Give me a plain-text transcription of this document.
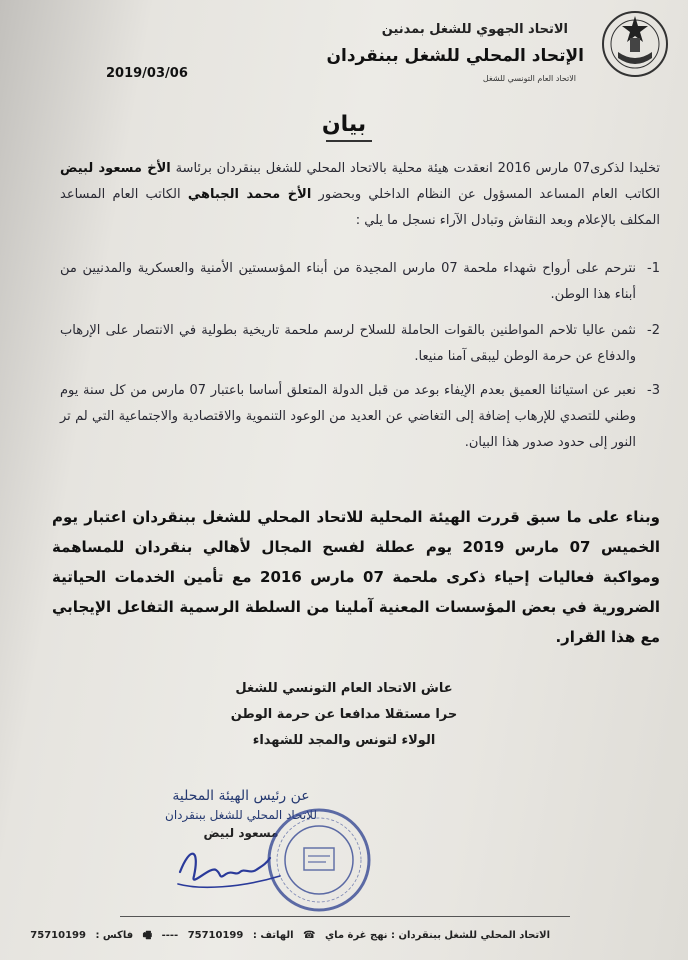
الاتحاد الجهوي للشغل بمدنين
الإتحاد المحلي للشغل ببنقردان
الاتحاد العام التونسي للشغل
2019/03/06
بيان
تخليدا لذكرى07 مارس 2016 انعقدت هيئة محلية بالاتحاد المحلي للشغل ببنقردان برئاسة الأخ مسعود لبيض الكاتب العام المساعد المسؤول عن النظام الداخلي وبحضور الأخ محمد الجباهي الكاتب العام المساعد المكلف بالإعلام وبعد النقاش وتبادل الآراء نسجل ما يلي :
1-
نترحم على أرواح شهداء ملحمة 07 مارس المجيدة من أبناء المؤسستين الأمنية والعسكرية والمدنيين من أبناء هذا الوطن.
2-
نثمن عاليا تلاحم المواطنين بالقوات الحاملة للسلاح لرسم ملحمة تاريخية بطولية في الانتصار على الإرهاب والدفاع عن حرمة الوطن ليبقى آمنا منيعا.
3-
نعبر عن استيائنا العميق بعدم الإيفاء بوعد من قبل الدولة المتعلق أساسا باعتبار 07 مارس من كل سنة يوم وطني للتصدي للإرهاب إضافة إلى التغاضي عن العديد من الوعود التنموية والاقتصادية والاجتماعية التي لم تر النور إلى حدود صدور هذا البيان.
وبناء على ما سبق قررت الهيئة المحلية للاتحاد المحلي للشغل ببنقردان اعتبار يوم الخميس 07 مارس 2019 يوم عطلة لفسح المجال لأهالي بنقردان للمساهمة ومواكبة فعاليات إحياء ذكرى ملحمة 07 مارس 2016 مع تأمين الخدمات الحياتية الضرورية في بعض المؤسسات المعنية آملينا من السلطة الرسمية التفاعل الإيجابي مع هذا القرار.
عاش الاتحاد العام التونسي للشغل
حرا مستقلا مدافعا عن حرمة الوطن
الولاء لتونس والمجد للشهداء
عن رئيس الهيئة المحلية
للاتحاد المحلي للشغل ببنقردان
مسعود لبيض
الاتحاد المحلي للشغل ببنقردان : نهج غرة ماي ☎ الهاتف : 75710199 ---- 🖷 فاكس : 75710199
